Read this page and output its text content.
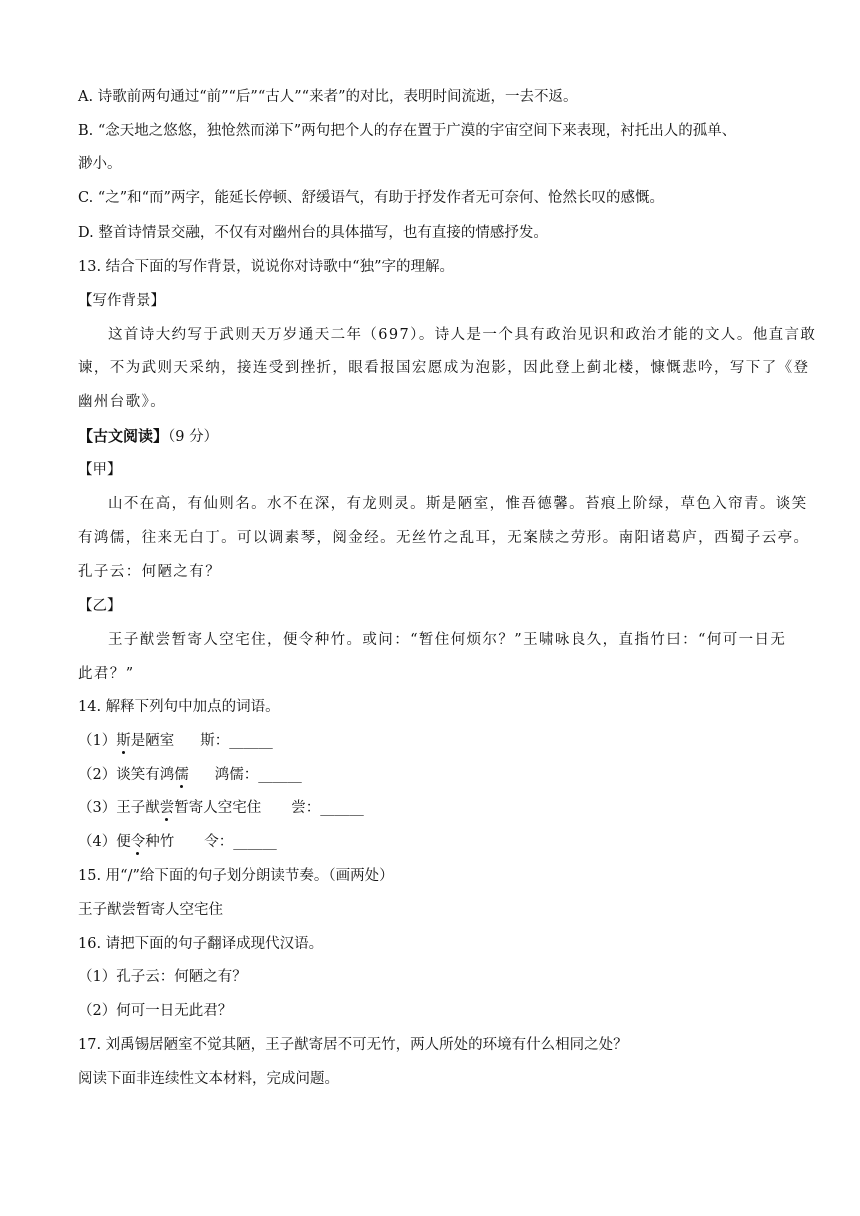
A. 诗歌前两句通过“前”“后”“古人”“来者”的对比，表明时间流逝，一去不返。
B. “念天地之悠悠，独怆然而涕下”两句把个人的存在置于广漠的宇宙空间下来表现，衬托出人的孤单、
渺小。
C. “之”和“而”两字，能延长停顿、舒缓语气，有助于抒发作者无可奈何、怆然长叹的感慨。
D. 整首诗情景交融，不仅有对幽州台的具体描写，也有直接的情感抒发。
13. 结合下面的写作背景，说说你对诗歌中“独”字的理解。
【写作背景】
这首诗大约写于武则天万岁通天二年（697）。诗人是一个具有政治见识和政治才能的文人。他直言敢
谏，不为武则天采纳，接连受到挫折，眼看报国宏愿成为泡影，因此登上蓟北楼，慷慨悲吟，写下了《登
幽州台歌》。
【古文阅读】（9 分）
【甲】
山不在高，有仙则名。水不在深，有龙则灵。斯是陋室，惟吾德馨。苔痕上阶绿，草色入帘青。谈笑
有鸿儒，往来无白丁。可以调素琴，阅金经。无丝竹之乱耳，无案牍之劳形。南阳诸葛庐，西蜀子云亭。
孔子云：何陋之有？
【乙】
王子猷尝暂寄人空宅住，便令种竹。或问：“暂住何烦尔？”王啸咏良久，直指竹曰：“何可一日无
此君？”
14. 解释下列句中加点的词语。
（1）斯是陋室 斯：______
（2）谈笑有鸿儒 鸿儒：______
（3）王子猷尝暂寄人空宅住 尝：______
（4）便令种竹 令：______
15. 用“/”给下面的句子划分朗读节奏。（画两处）
王子猷尝暂寄人空宅住
16. 请把下面的句子翻译成现代汉语。
（1）孔子云：何陋之有？
（2）何可一日无此君？
17. 刘禹锡居陋室不觉其陋，王子猷寄居不可无竹，两人所处的环境有什么相同之处？
阅读下面非连续性文本材料，完成问题。
